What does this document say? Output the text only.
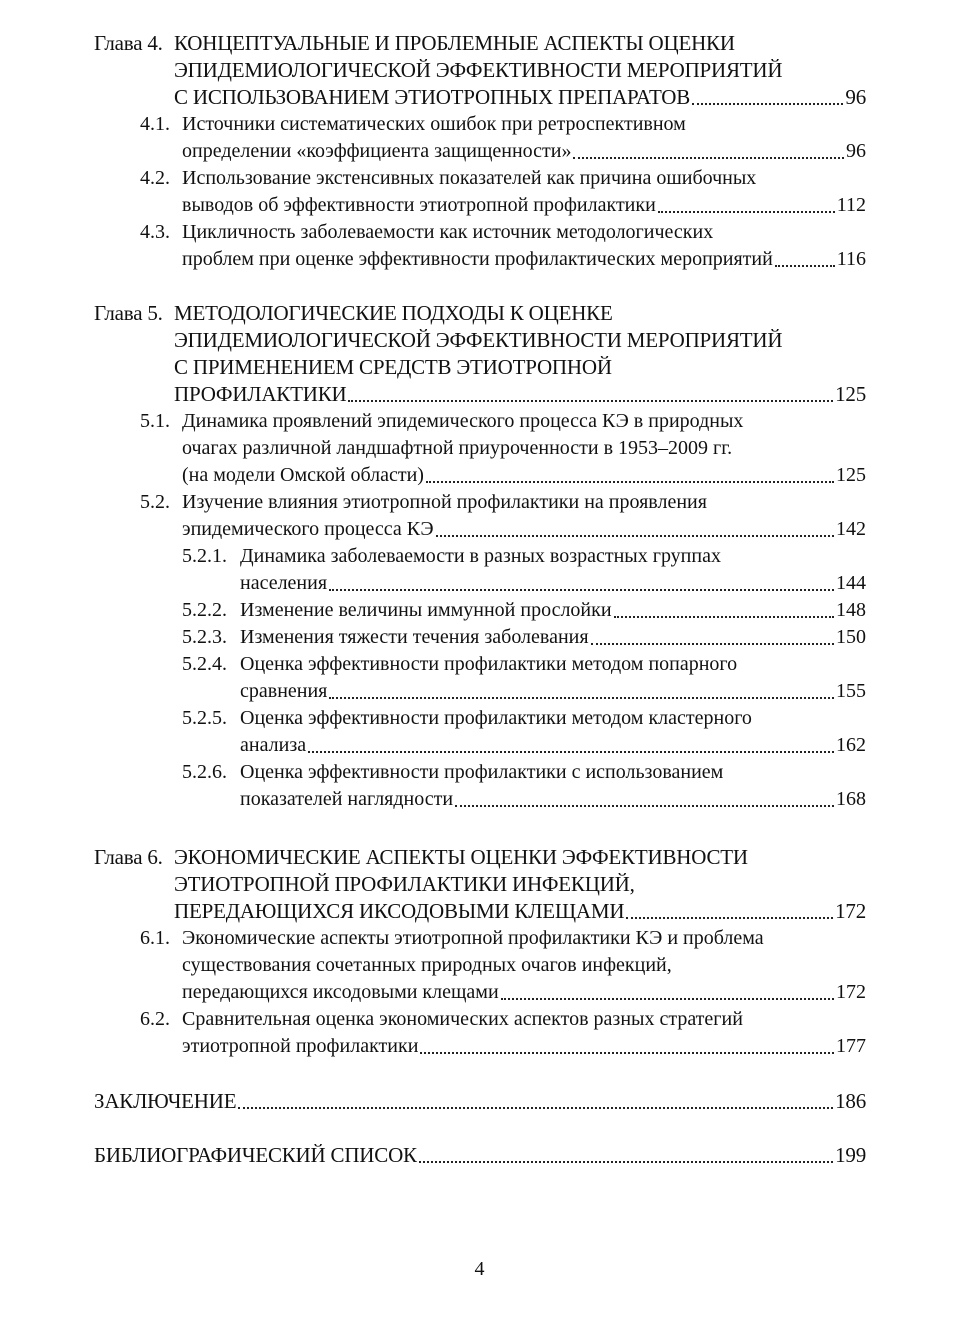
Глава 4. КОНЦЕПТУАЛЬНЫЕ И ПРОБЛЕМНЫЕ АСПЕКТЫ ОЦЕНКИ
ЭПИДЕМИОЛОГИЧЕСКОЙ ЭФФЕКТИВНОСТИ МЕРОПРИЯТИЙ
С ИСПОЛЬЗОВАНИЕМ ЭТИОТРОПНЫХ ПРЕПАРАТОВ	96
4.1. Источники систематических ошибок при ретроспективном
определении «коэффициента защищенности»	96
4.2. Использование экстенсивных показателей как причина ошибочных
выводов об эффективности этиотропной профилактики	112
4.3. Цикличность заболеваемости как источник методологических
проблем при оценке эффективности профилактических мероприятий	116
Глава 5. МЕТОДОЛОГИЧЕСКИЕ ПОДХОДЫ К ОЦЕНКЕ
ЭПИДЕМИОЛОГИЧЕСКОЙ ЭФФЕКТИВНОСТИ МЕРОПРИЯТИЙ
С ПРИМЕНЕНИЕМ СРЕДСТВ ЭТИОТРОПНОЙ
ПРОФИЛАКТИКИ	125
5.1. Динамика проявлений эпидемического процесса КЭ в природных
очагах различной ландшафтной приуроченности в 1953–2009 гг.
(на модели Омской области)	125
5.2. Изучение влияния этиотропной профилактики на проявления
эпидемического процесса КЭ	142
5.2.1. Динамика заболеваемости в разных возрастных группах
населения	144
5.2.2. Изменение величины иммунной прослойки	148
5.2.3. Изменения тяжести течения заболевания	150
5.2.4. Оценка эффективности профилактики методом попарного
сравнения	155
5.2.5. Оценка эффективности профилактики методом кластерного
анализа	162
5.2.6. Оценка эффективности профилактики с использованием
показателей наглядности	168
Глава 6. ЭКОНОМИЧЕСКИЕ АСПЕКТЫ ОЦЕНКИ ЭФФЕКТИВНОСТИ
ЭТИОТРОПНОЙ ПРОФИЛАКТИКИ ИНФЕКЦИЙ,
ПЕРЕДАЮЩИХСЯ ИКСОДОВЫМИ КЛЕЩАМИ	172
6.1. Экономические аспекты этиотропной профилактики КЭ и проблема
существования сочетанных природных очагов инфекций,
передающихся иксодовыми клещами	172
6.2. Сравнительная оценка экономических аспектов разных стратегий
этиотропной профилактики	177
ЗАКЛЮЧЕНИЕ	186
БИБЛИОГРАФИЧЕСКИЙ СПИСОК	199
4
